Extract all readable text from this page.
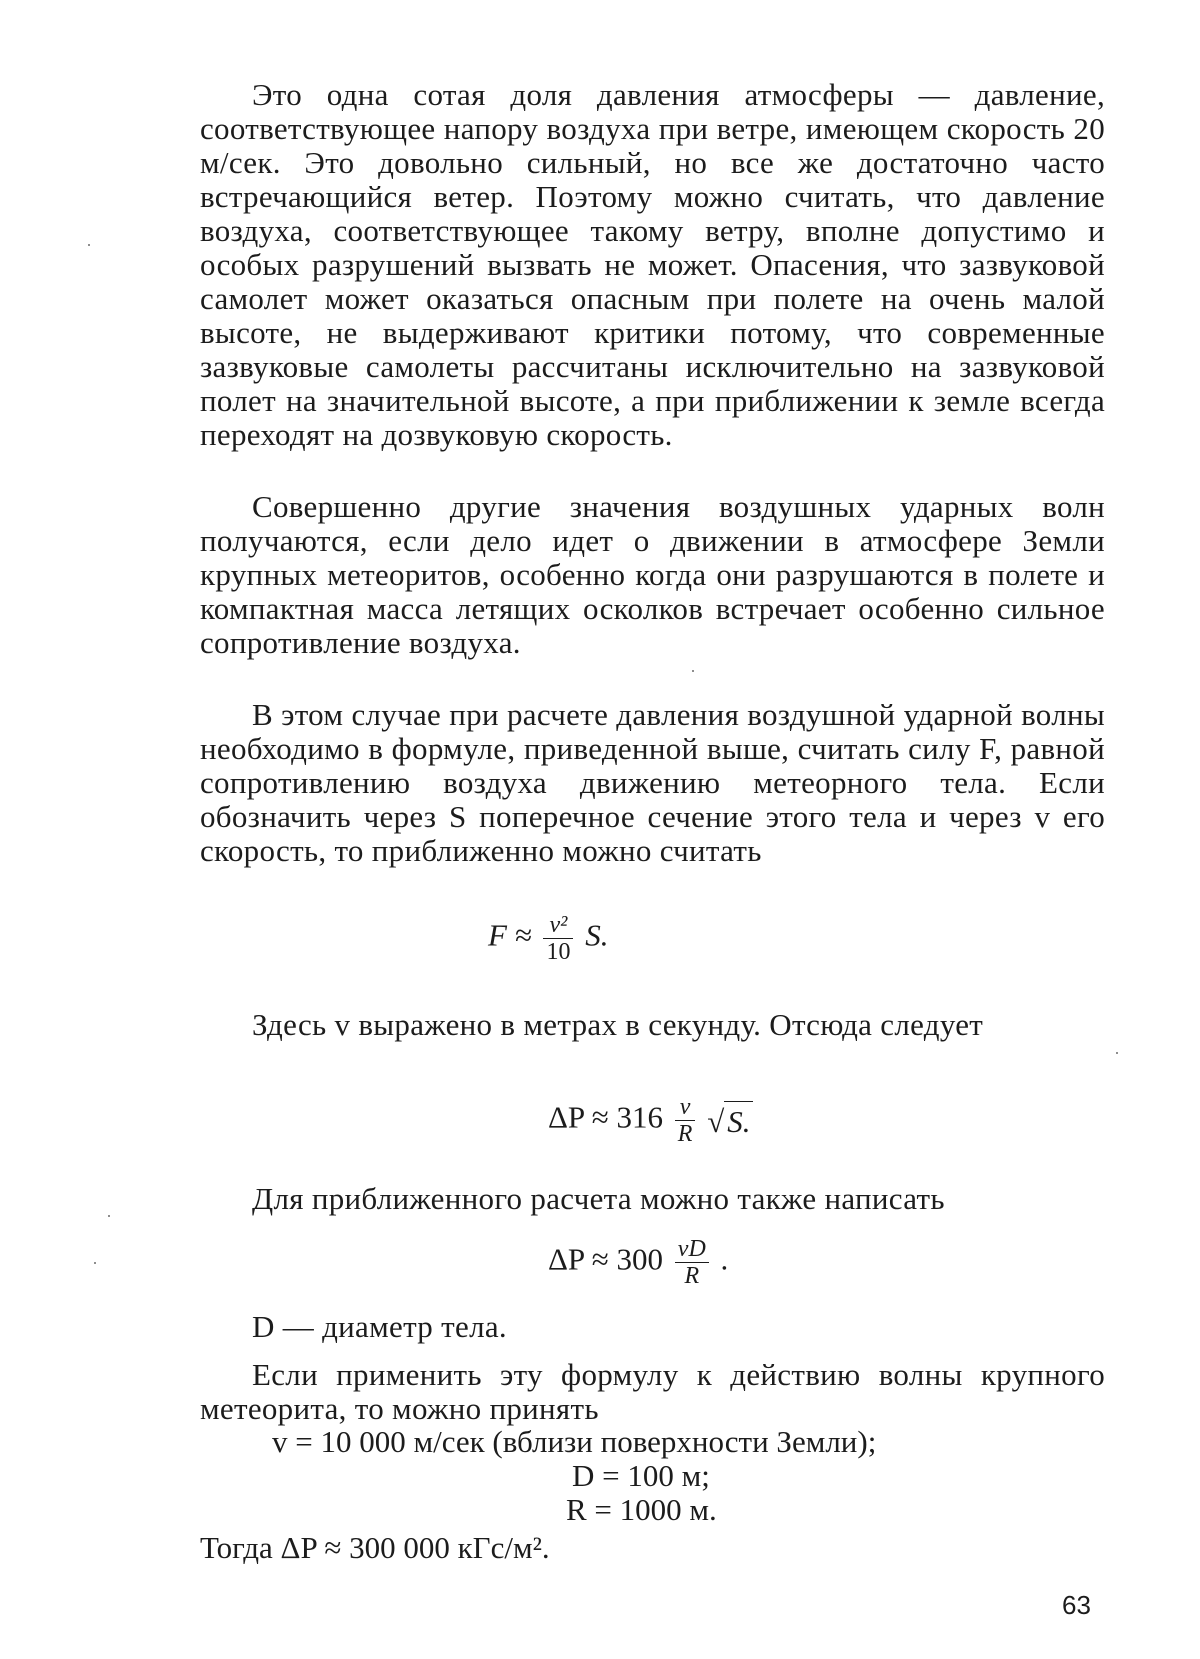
Это одна сотая доля давления атмосферы — давление, соответствующее напору воздуха при ветре, имеющем скорость 20 м/сек. Это довольно сильный, но все же достаточно часто встречающийся ветер. Поэтому можно считать, что давление воздуха, соответствующее такому ветру, вполне допустимо и особых разрушений вызвать не может. Опасения, что зазвуковой самолет может оказаться опасным при полете на очень малой высоте, не выдерживают критики потому, что современные зазвуковые самолеты рассчитаны исключительно на зазвуковой полет на значительной высоте, а при приближении к земле всегда переходят на дозвуковую скорость.

Совершенно другие значения воздушных ударных волн получаются, если дело идет о движении в атмосфере Земли крупных метеоритов, особенно когда они разрушаются в полете и компактная масса летящих осколков встречает особенно сильное сопротивление воздуха.

В этом случае при расчете давления воздушной ударной волны необходимо в формуле, приведенной выше, считать силу F, равной сопротивлению воздуха движению метеорного тела. Если обозначить через S поперечное сечение этого тела и через v его скорость, то приближенно можно считать

$F \approx \frac{\text{v²}}{10} S$.

Здесь v выражено в метрах в секунду. Отсюда следует

$\Delta P \approx 316 \frac{v}{R} √S$.

Для приближенного расчета можно также написать

$\Delta P \approx 300 \frac{vD}{R}$ .

D — диаметр тела.

Если применить эту формулу к действию волны крупного метеорита, то можно принять

v = 10 000 м/сек (вблизи поверхности Земли);
D = 100 м;
R = 1000 м.
Тогда ΔP ≈ 300 000 кГс/м².
63
